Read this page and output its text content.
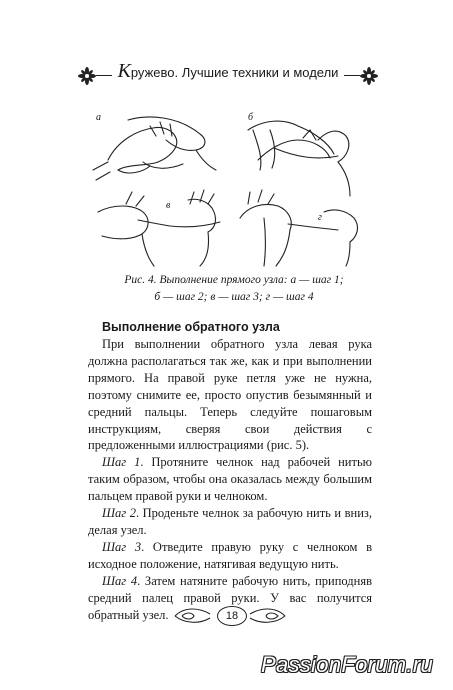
Кружево. Лучшие техники и модели
а	б
в
г
Рис. 4. Выполнение прямого узла: а — шаг 1;
б — шаг 2; в — шаг 3; г — шаг 4
Выполнение обратного узла

При выполнении обратного узла левая рука должна располагаться так же, как и при выполнении прямого. На правой руке петля уже не нужна, поэтому снимите ее, просто опустив безымянный и средний пальцы. Теперь следуйте пошаговым инструкциям, сверяя свои действия с предложенными иллюстрациями (рис. 5).

Шаг 1. Протяните челнок над рабочей нитью таким образом, чтобы она оказалась между большим пальцем правой руки и челноком.

Шаг 2. Проденьте челнок за рабочую нить и вниз, делая узел.

Шаг 3. Отведите правую руку с челноком в исходное положение, натягивая ведущую нить.

Шаг 4. Затем натяните рабочую нить, приподняв средний палец правой руки. У вас получится обратный узел.	18
PassionForum.ru
